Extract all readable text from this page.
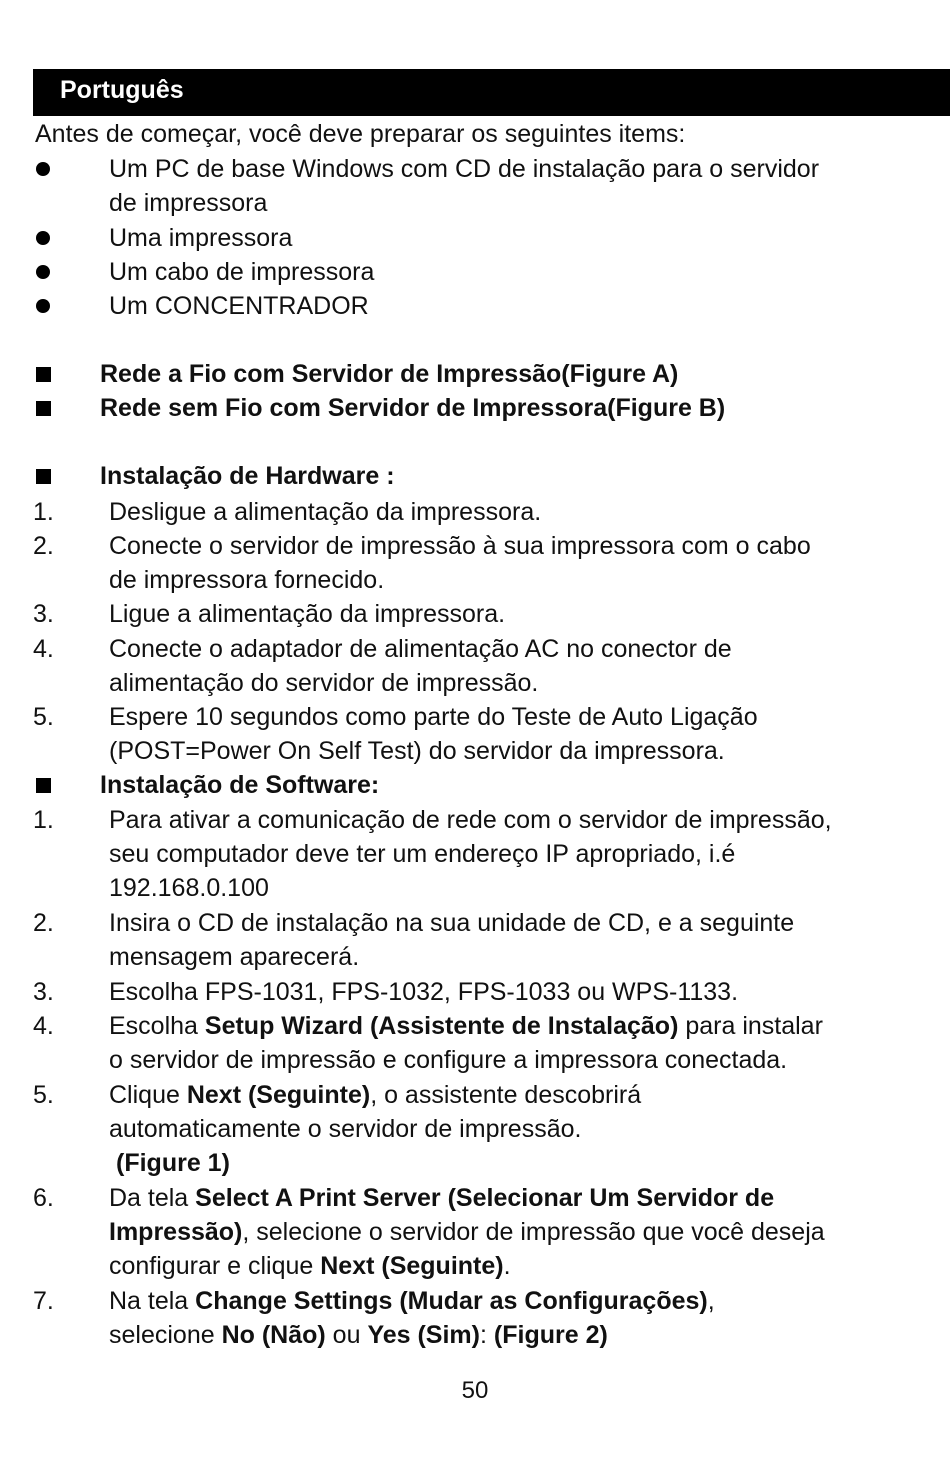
Português
Antes de começar, você deve preparar os seguintes items:
Um PC de base Windows com CD de instalação para o servidor
de impressora
Uma impressora
Um cabo de impressora
Um CONCENTRADOR
Rede a Fio com Servidor de Impressão(Figure A)
Rede sem Fio com Servidor de Impressora(Figure B)
Instalação de Hardware :
1. Desligue a alimentação da impressora.
2. Conecte o servidor de impressão à sua impressora com o cabo
de impressora fornecido.
3. Ligue a alimentação da impressora.
4. Conecte o adaptador de alimentação AC no conector de
alimentação do servidor de impressão.
5. Espere 10 segundos como parte do Teste de Auto Ligação
(POST=Power On Self Test) do servidor da impressora.
Instalação de Software:
1. Para ativar a comunicação de rede com o servidor de impressão,
seu computador deve ter um endereço IP apropriado, i.é
192.168.0.100
2. Insira o CD de instalação na sua unidade de CD, e a seguinte
mensagem aparecerá.
3. Escolha FPS-1031, FPS-1032, FPS-1033 ou WPS-1133.
4. Escolha Setup Wizard (Assistente de Instalação) para instalar
o servidor de impressão e configure a impressora conectada.
5. Clique Next (Seguinte), o assistente descobrirá
automaticamente o servidor de impressão.
(Figure 1)
6. Da tela Select A Print Server (Selecionar Um Servidor de
Impressão), selecione o servidor de impressão que você deseja
configurar e clique Next (Seguinte).
7. Na tela Change Settings (Mudar as Configurações),
selecione No (Não) ou Yes (Sim): (Figure 2)
50
